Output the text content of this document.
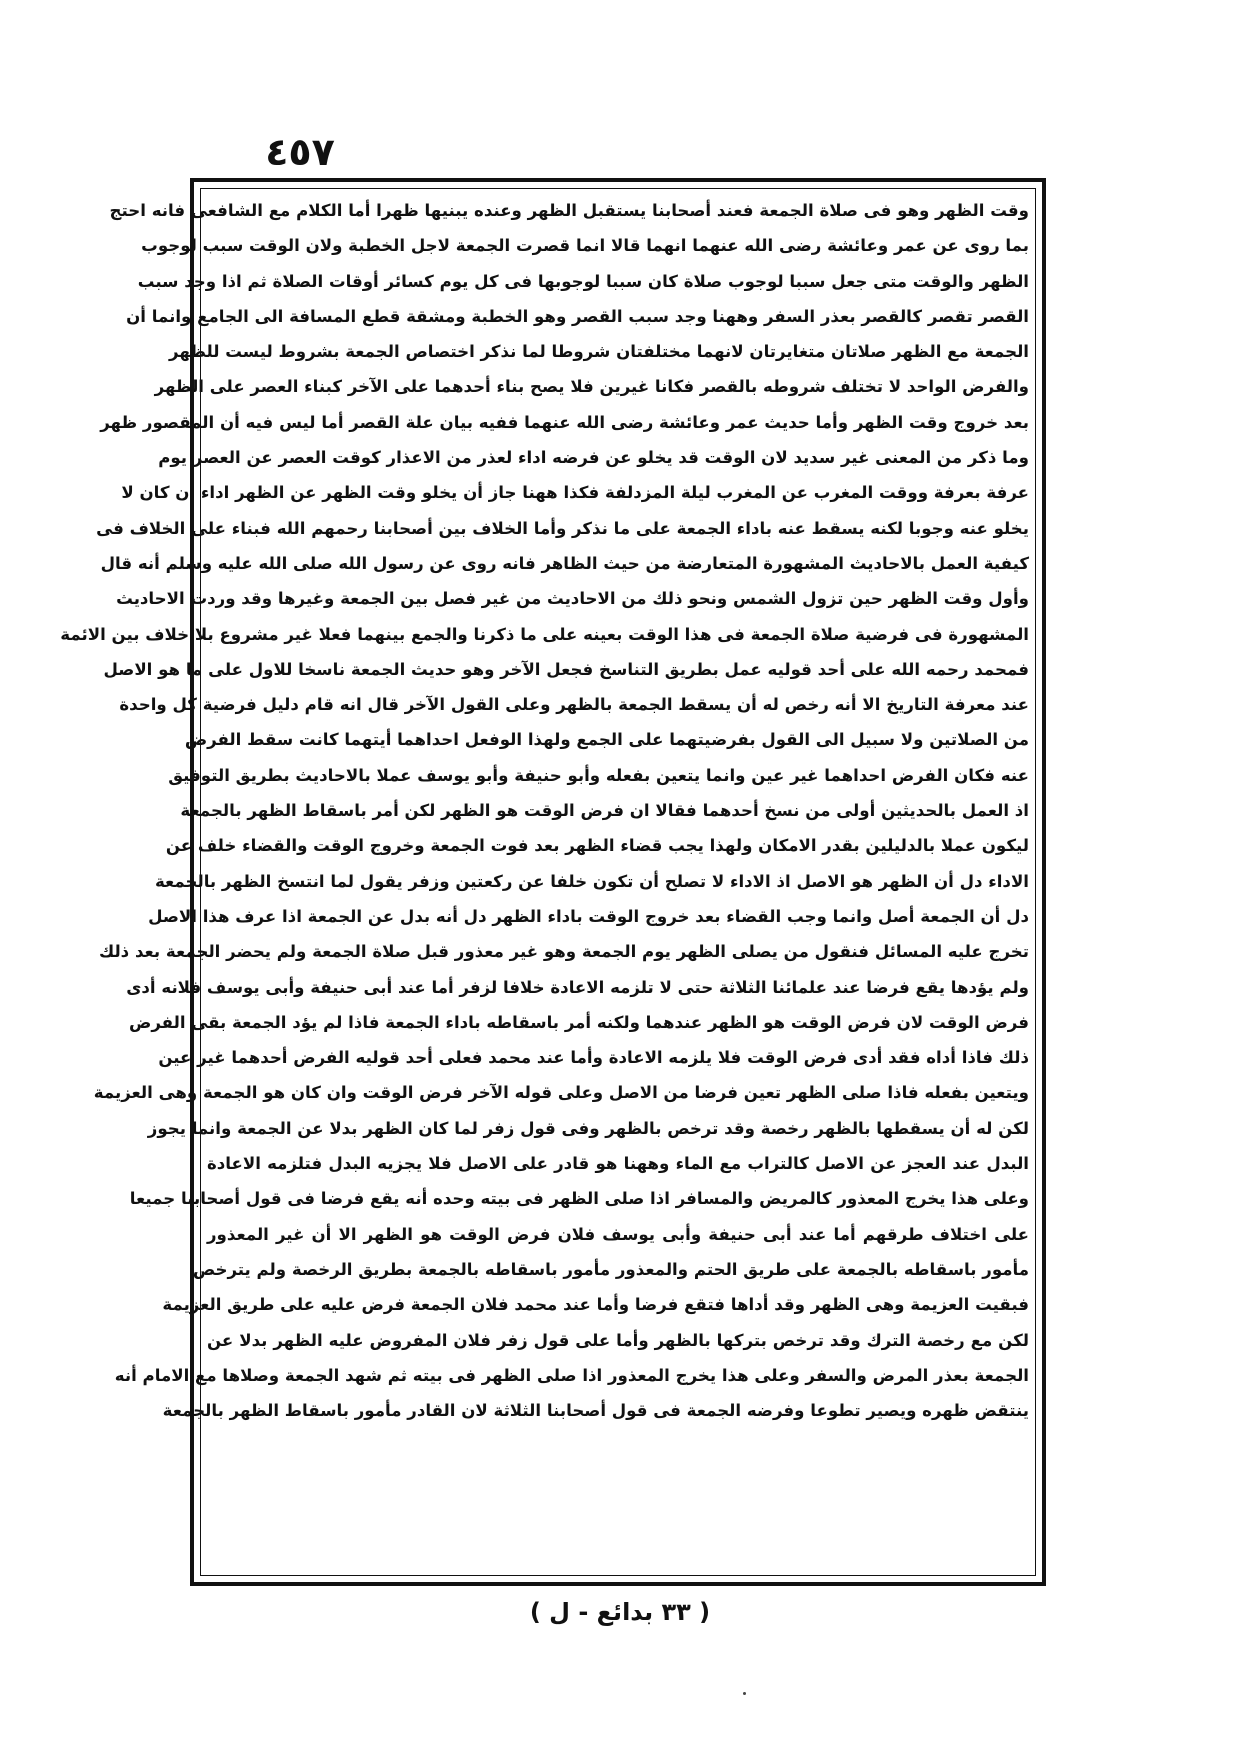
٤٥٧
وقت الظهر وهو فى صلاة الجمعة فعند أصحابنا يستقبل الظهر وعنده يبنيها ظهرا أما الكلام مع الشافعى فانه احتج
بما روى عن عمر وعائشة رضى الله عنهما انهما قالا انما قصرت الجمعة لاجل الخطبة ولان الوقت سبب لوجوب
الظهر والوقت متى جعل سببا لوجوب صلاة كان سببا لوجوبها فى كل يوم كسائر أوقات الصلاة ثم اذا وجد سبب
القصر تقصر كالقصر بعذر السفر وههنا وجد سبب القصر وهو الخطبة ومشقة قطع المسافة الى الجامع وانما أن
الجمعة مع الظهر صلاتان متغايرتان لانهما مختلفتان شروطا لما نذكر اختصاص الجمعة بشروط ليست للظهر
والفرض الواحد لا تختلف شروطه بالقصر فكانا غيرين فلا يصح بناء أحدهما على الآخر كبناء العصر على الظهر
بعد خروج وقت الظهر وأما حديث عمر وعائشة رضى الله عنهما ففيه بيان علة القصر أما ليس فيه أن المقصور ظهر
وما ذكر من المعنى غير سديد لان الوقت قد يخلو عن فرضه اداء لعذر من الاعذار كوقت العصر عن العصر يوم
عرفة بعرفة ووقت المغرب عن المغرب ليلة المزدلفة فكذا ههنا جاز أن يخلو وقت الظهر عن الظهر اداء ان كان لا
يخلو عنه وجوبا لكنه يسقط عنه باداء الجمعة على ما نذكر وأما الخلاف بين أصحابنا رحمهم الله فبناء على الخلاف فى
كيفية العمل بالاحاديث المشهورة المتعارضة من حيث الظاهر فانه روى عن رسول الله صلى الله عليه وسلم أنه قال
وأول وقت الظهر حين تزول الشمس ونحو ذلك من الاحاديث من غير فصل بين الجمعة وغيرها وقد وردت الاحاديث
المشهورة فى فرضية صلاة الجمعة فى هذا الوقت بعينه على ما ذكرنا والجمع بينهما فعلا غير مشروع بلا خلاف بين الائمة
فمحمد رحمه الله على أحد قوليه عمل بطريق التناسخ فجعل الآخر وهو حديث الجمعة ناسخا للاول على ما هو الاصل
عند معرفة التاريخ الا أنه رخص له أن يسقط الجمعة بالظهر وعلى القول الآخر قال انه قام دليل فرضية كل واحدة
من الصلاتين ولا سبيل الى القول بفرضيتهما على الجمع ولهذا الوفعل احداهما أيتهما كانت سقط الفرض
عنه فكان الفرض احداهما غير عين وانما يتعين بفعله وأبو حنيفة وأبو يوسف عملا بالاحاديث بطريق التوفيق
اذ العمل بالحديثين أولى من نسخ أحدهما فقالا ان فرض الوقت هو الظهر لكن أمر باسقاط الظهر بالجمعة
ليكون عملا بالدليلين بقدر الامكان ولهذا يجب قضاء الظهر بعد فوت الجمعة وخروج الوقت والقضاء خلف عن
الاداء دل أن الظهر هو الاصل اذ الاداء لا تصلح أن تكون خلفا عن ركعتين وزفر يقول لما انتسخ الظهر بالجمعة
دل أن الجمعة أصل وانما وجب القضاء بعد خروج الوقت باداء الظهر دل أنه بدل عن الجمعة اذا عرف هذا الاصل
تخرج عليه المسائل فنقول من يصلى الظهر يوم الجمعة وهو غير معذور قبل صلاة الجمعة ولم يحضر الجمعة بعد ذلك
ولم يؤدها يقع فرضا عند علمائنا الثلاثة حتى لا تلزمه الاعادة خلافا لزفر أما عند أبى حنيفة وأبى يوسف فلانه أدى
فرض الوقت لان فرض الوقت هو الظهر عندهما ولكنه أمر باسقاطه باداء الجمعة فاذا لم يؤد الجمعة بقى الفرض
ذلك فاذا أداه فقد أدى فرض الوقت فلا يلزمه الاعادة وأما عند محمد فعلى أحد قوليه الفرض أحدهما غير عين
ويتعين بفعله فاذا صلى الظهر تعين فرضا من الاصل وعلى قوله الآخر فرض الوقت وان كان هو الجمعة وهى العزيمة
لكن له أن يسقطها بالظهر رخصة وقد ترخص بالظهر وفى قول زفر لما كان الظهر بدلا عن الجمعة وانما يجوز
البدل عند العجز عن الاصل كالتراب مع الماء وههنا هو قادر على الاصل فلا يجزيه البدل فتلزمه الاعادة
وعلى هذا يخرج المعذور كالمريض والمسافر اذا صلى الظهر فى بيته وحده أنه يقع فرضا فى قول أصحابنا جميعا
على اختلاف طرقهم أما عند أبى حنيفة وأبى يوسف فلان فرض الوقت هو الظهر الا أن غير المعذور
مأمور باسقاطه بالجمعة على طريق الحتم والمعذور مأمور باسقاطه بالجمعة بطريق الرخصة ولم يترخص
فبقيت العزيمة وهى الظهر وقد أداها فتقع فرضا وأما عند محمد فلان الجمعة فرض عليه على طريق العزيمة
لكن مع رخصة الترك وقد ترخص بتركها بالظهر وأما على قول زفر فلان المفروض عليه الظهر بدلا عن
الجمعة بعذر المرض والسفر وعلى هذا يخرج المعذور اذا صلى الظهر فى بيته ثم شهد الجمعة وصلاها مع الامام أنه
ينتقض ظهره ويصير تطوعا وفرضه الجمعة فى قول أصحابنا الثلاثة لان القادر مأمور باسقاط الظهر بالجمعة
( ٣٣ بدائع - ل )
